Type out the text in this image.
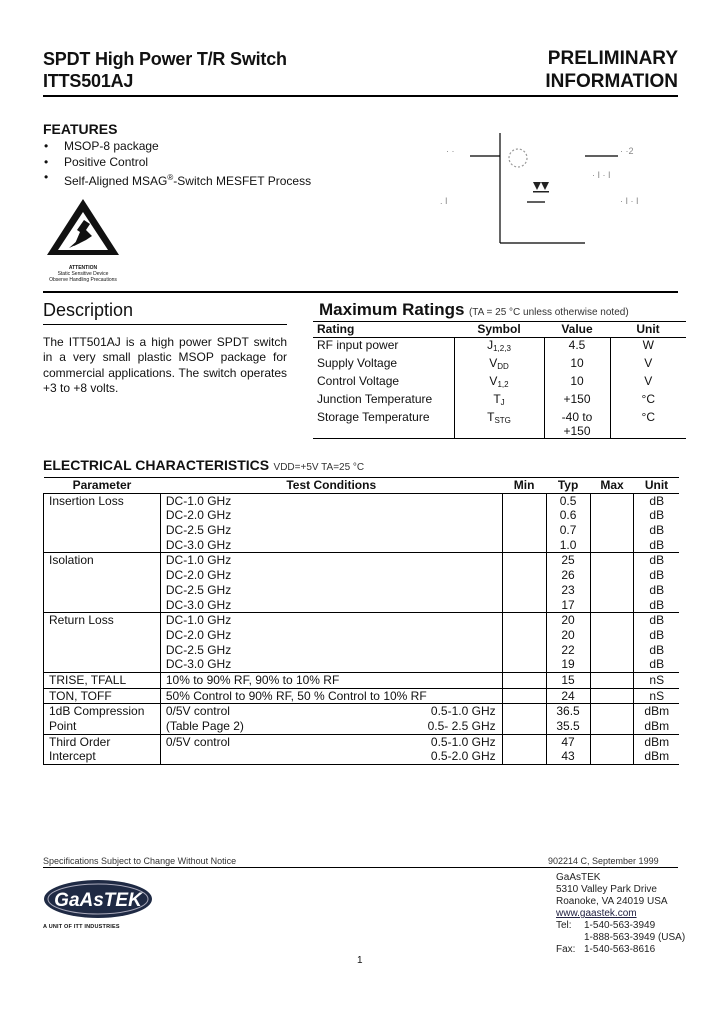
SPDT High Power T/R Switch
ITTS501AJ
PRELIMINARY
INFORMATION
FEATURES
• MSOP-8 package
• Positive Control
• Self-Aligned MSAG®-Switch MESFET Process
ATTENTION
Static Sensitive Device
Observe Handling Precautions
· ·
. I
· ·2
· I · I
· I · I
Description
The ITT501AJ is a high power SPDT switch in a very small plastic MSOP package for commercial applications. The switch operates +3 to +8 volts.
Maximum Ratings (TA = 25 °C unless otherwise noted)
Rating	Symbol	Value	Unit
RF input power	$J_{1,2,3}$	4.5	W
Supply Voltage	$V_{DD}$	10	V
Control Voltage	$V_{1,2}$	10	V
Junction Temperature	$T_J$	+150	°C
Storage Temperature	$T_{STG}$	-40 to
+150	°C
ELECTRICAL CHARACTERISTICS VDD=+5V TA=25 °C
Parameter	Test Conditions		Min	Typ	Max	Unit
Insertion Loss	DC-1.0 GHz			0.5		dB
	DC-2.0 GHz			0.6		dB
	DC-2.5 GHz			0.7		dB
	DC-3.0 GHz			1.0		dB
Isolation	DC-1.0 GHz			25		dB
	DC-2.0 GHz			26		dB
	DC-2.5 GHz			23		dB
	DC-3.0 GHz			17		dB
Return Loss	DC-1.0 GHz			20		dB
	DC-2.0 GHz			20		dB
	DC-2.5 GHz			22		dB
	DC-3.0 GHz			19		dB
TRISE, TFALL	10% to 90% RF, 90% to 10% RF			15		nS
TON, TOFF	50% Control to 90% RF, 50 % Control to 10% RF			24		nS
1dB Compression	0/5V control	0.5-1.0 GHz		36.5		dBm
Point	(Table Page 2)	0.5- 2.5 GHz		35.5		dBm
Third Order	0/5V control	0.5-1.0 GHz		47		dBm
Intercept		0.5-2.0 GHz		43		dBm
Specifications Subject to Change Without Notice	902214 C, September 1999
GaAsTEK
A UNIT OF ITT INDUSTRIES
GaAsTEK
5310 Valley Park Drive
Roanoke, VA 24019 USA
www.gaastek.com
Tel: 1-540-563-3949
1-888-563-3949 (USA)
Fax: 1-540-563-8616
1
